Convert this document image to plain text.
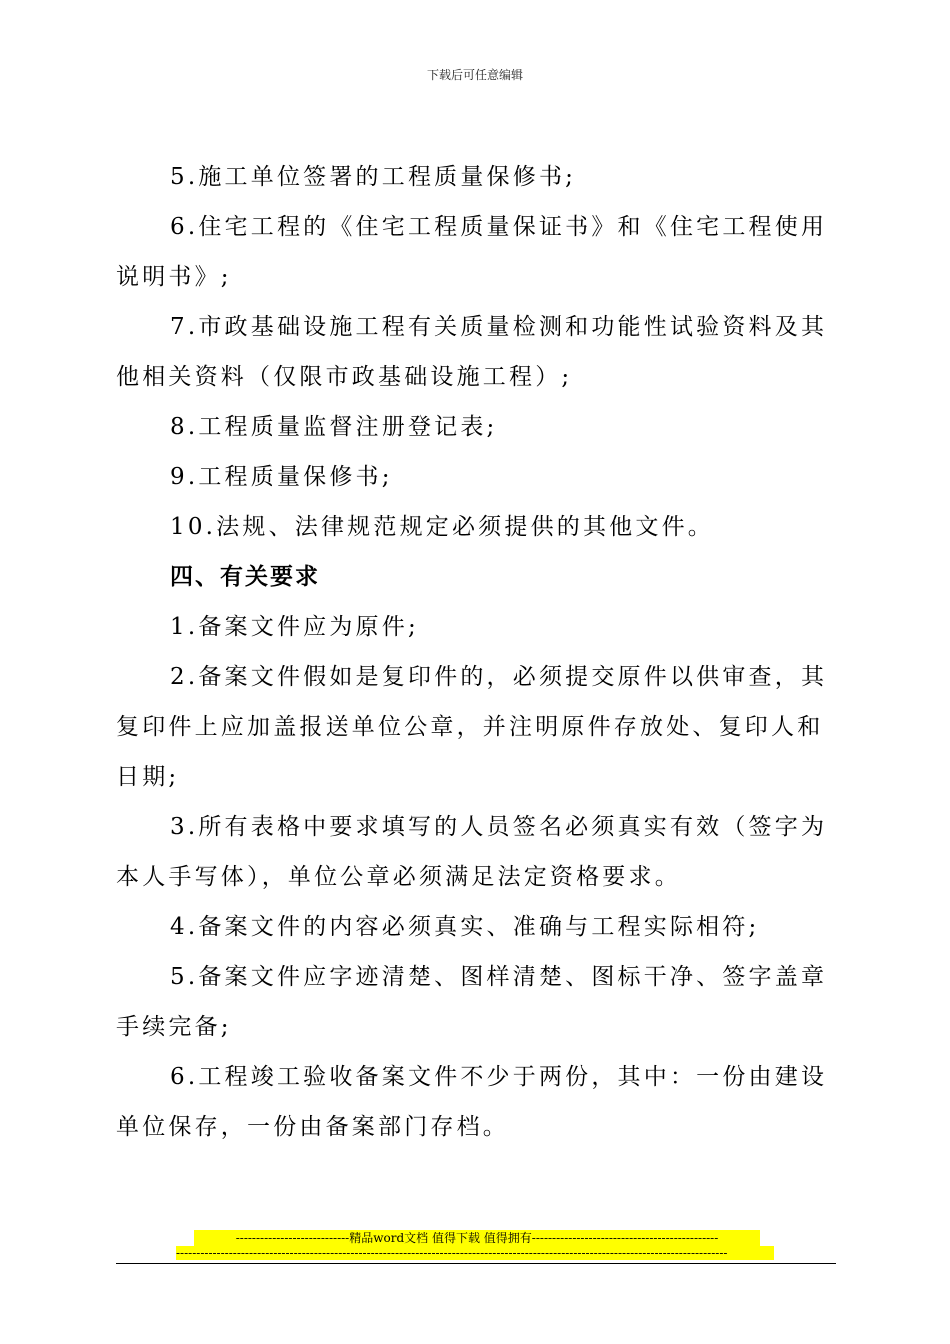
下载后可任意编辑

5.施工单位签署的工程质量保修书;

6.住宅工程的《住宅工程质量保证书》和《住宅工程使用说明书》;

7.市政基础设施工程有关质量检测和功能性试验资料及其他相关资料（仅限市政基础设施工程）;

8.工程质量监督注册登记表;

9.工程质量保修书;

10.法规、法律规范规定必须提供的其他文件。

四、有关要求

1.备案文件应为原件;

2.备案文件假如是复印件的，必须提交原件以供审查，其复印件上应加盖报送单位公章，并注明原件存放处、复印人和日期;

3.所有表格中要求填写的人员签名必须真实有效（签字为本人手写体），单位公章必须满足法定资格要求。

4.备案文件的内容必须真实、准确与工程实际相符;

5.备案文件应字迹清楚、图样清楚、图标干净、签字盖章手续完备;

6.工程竣工验收备案文件不少于两份，其中：一份由建设单位保存，一份由备案部门存档。

----------------------------精品word文档 值得下载 值得拥有----------------------------------------------
----------------------------------------------------------------------------------------------------------------------------------------
